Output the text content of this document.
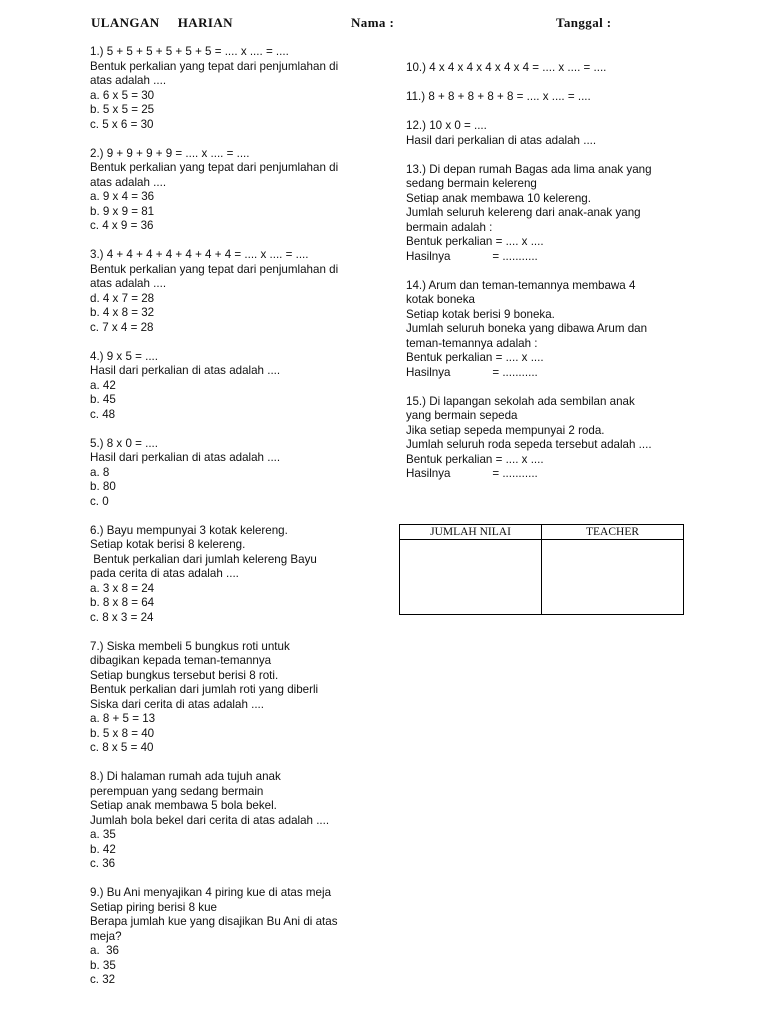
ULANGAN     HARIAN	Nama :	Tanggal :
1.) 5 + 5 + 5 + 5 + 5 + 5 = .... x .... = ....
Bentuk perkalian yang tepat dari penjumlahan di
atas adalah ....
a. 6 x 5 = 30
b. 5 x 5 = 25
c. 5 x 6 = 30
2.) 9 + 9 + 9 + 9 = .... x .... = ....
Bentuk perkalian yang tepat dari penjumlahan di
atas adalah ....
a. 9 x 4 = 36
b. 9 x 9 = 81
c. 4 x 9 = 36
3.) 4 + 4 + 4 + 4 + 4 + 4 + 4 = .... x .... = ....
Bentuk perkalian yang tepat dari penjumlahan di
atas adalah ....
d. 4 x 7 = 28
b. 4 x 8 = 32
c. 7 x 4 = 28
4.) 9 x 5 = ....
Hasil dari perkalian di atas adalah ....
a. 42
b. 45
c. 48
5.) 8 x 0 = ....
Hasil dari perkalian di atas adalah ....
a. 8
b. 80
c. 0
6.) Bayu mempunyai 3 kotak kelereng.
Setiap kotak berisi 8 kelereng.
Bentuk perkalian dari jumlah kelereng Bayu
pada cerita di atas adalah ....
a. 3 x 8 = 24
b. 8 x 8 = 64
c. 8 x 3 = 24
7.) Siska membeli 5 bungkus roti untuk
dibagikan kepada teman-temannya
Setiap bungkus tersebut berisi 8 roti.
Bentuk perkalian dari jumlah roti yang diberli
Siska dari cerita di atas adalah ....
a. 8 + 5 = 13
b. 5 x 8 = 40
c. 8 x 5 = 40
8.) Di halaman rumah ada tujuh anak
perempuan yang sedang bermain
Setiap anak membawa 5 bola bekel.
Jumlah bola bekel dari cerita di atas adalah ....
a. 35
b. 42
c. 36
9.) Bu Ani menyajikan 4 piring kue di atas meja
Setiap piring berisi 8 kue
Berapa jumlah kue yang disajikan Bu Ani di atas
meja?
a.  36
b. 35
c. 32
10.) 4 x 4 x 4 x 4 x 4 x 4 = .... x .... = ....
11.) 8 + 8 + 8 + 8 + 8 = .... x .... = ....
12.) 10 x 0 = ....
Hasil dari perkalian di atas adalah ....
13.) Di depan rumah Bagas ada lima anak yang
sedang bermain kelereng
Setiap anak membawa 10 kelereng.
Jumlah seluruh kelereng dari anak-anak yang
bermain adalah :
Bentuk perkalian = .... x ....
Hasilnya             = ...........
14.) Arum dan teman-temannya membawa 4
kotak boneka
Setiap kotak berisi 9 boneka.
Jumlah seluruh boneka yang dibawa Arum dan
teman-temannya adalah :
Bentuk perkalian = .... x ....
Hasilnya             = ...........
15.) Di lapangan sekolah ada sembilan anak
yang bermain sepeda
Jika setiap sepeda mempunyai 2 roda.
Jumlah seluruh roda sepeda tersebut adalah ....
Bentuk perkalian = .... x ....
Hasilnya             = ...........
JUMLAH NILAI	TEACHER
